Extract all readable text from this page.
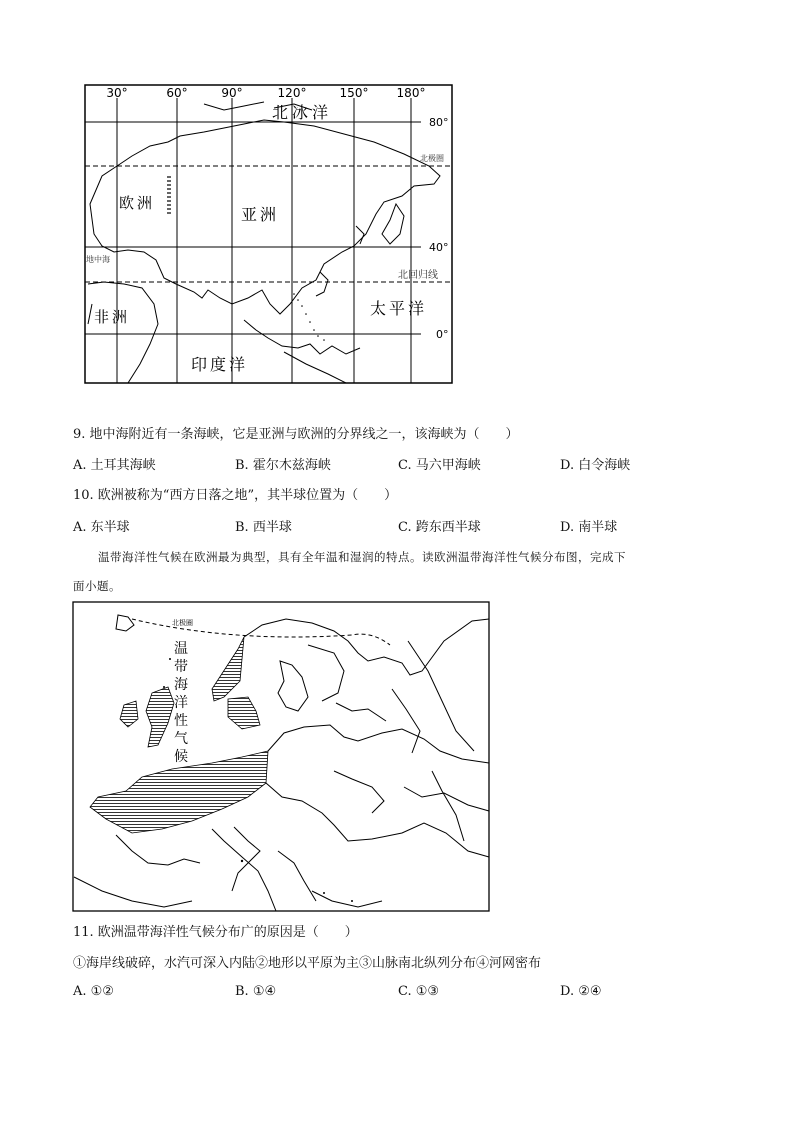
30°	60°	90°	120°	150° 180°
80°
40°
0°
北极圈
北回归线
地中海
北冰洋
欧洲
亚洲
非洲	太平洋
印度洋
9. 地中海附近有一条海峡，它是亚洲与欧洲的分界线之一，该海峡为（　　）
A. 土耳其海峡	B. 霍尔木兹海峡	C. 马六甲海峡	D. 白令海峡
10. 欧洲被称为“西方日落之地”，其半球位置为（　　）
A. 东半球	B. 西半球	C. 跨东西半球	D. 南半球
温带海洋性气候在欧洲最为典型，具有全年温和湿润的特点。读欧洲温带海洋性气候分布图，完成下
面小题。
北极圈
温 带 海 洋 性 气 候
11. 欧洲温带海洋性气候分布广的原因是（　　）
①海岸线破碎，水汽可深入内陆②地形以平原为主③山脉南北纵列分布④河网密布
A. ①②	B. ①④	C. ①③	D. ②④
